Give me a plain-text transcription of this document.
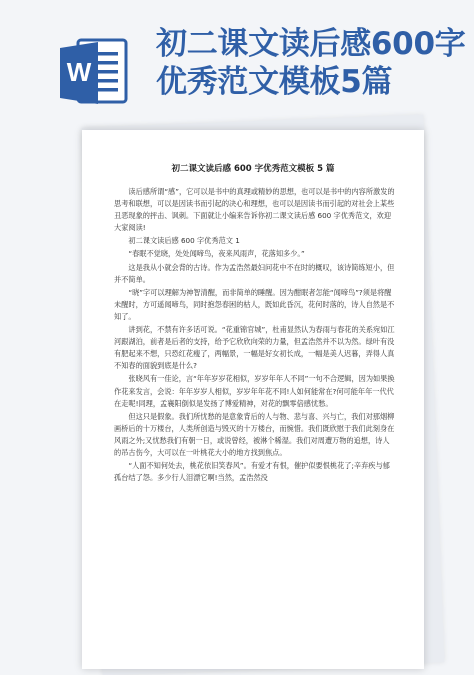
W
初二课文读后感600字优秀范文模板5篇
初二课文读后感 600 字优秀范文模板 5 篇

读后感所谓“感”，它可以是书中的真理或精妙的思想，也可以是书中的内容所激发的思考和联想，可以是因读书而引起的决心和理想，也可以是因读书而引起的对社会上某些丑恶现象的抨击、讽刺。下面就让小编来告诉你初二课文读后感 600 字优秀范文，欢迎大家阅读!

初二课文读后感 600 字优秀范文 1

“春眠不觉晓，处处闻啼鸟，夜来风雨声，花落知多少。”

这是我从小就会背的古诗。作为孟浩然最妇问花中不在时的概叹，该诗简练短小，但并不简单。

“晓”字可以理解为神智清醒，而非简单的睡醒。因为酣眠者怎能“闻啼鸟”?须是将醒未醒时，方可遥闻啼鸟，同时抱怨春困的枯人，既如此昏沉，花何时落的，诗人自然是不知了。

讲到花，不禁有许多话可说。“花重锦官城”，杜甫显然认为春雨与春花的关系宛如江河跟湖泊，前者是后者的支持，给予它欣欣向荣的力量，但孟浩然并不以为然。绿叶有没有肥起来不想，只恐红花瘦了，两幅景，一幅是好女初长成，一幅是美人迟暮，弄得人真不知春的面貌到底是什么?

张晓风有一佳论，言“年年岁岁花相似，岁岁年年人不同”一句不合逻辑，因为如果换作花来发言，会说：年年岁岁人相似，岁岁年年花不同!人如何能常在?何可能年年一代代在走呢!同理，孟襄阳倒似是发扬了博爱精神，对花的飘零倍感忧愁。

但这只是假象。我们所忧愁的是意象背后的人与物、悲与喜、兴与亡，我们对那烟柳画桥后的十万楼台，人类所创造与毁灭的十万楼台，而惋惜。我们既欣慰于我们此刻身在风雨之外;又忧愁我们有朝一日，或说曾经，被淋个稀湿。我们对周遭万物的追想，诗人的吊古伤今，大可以在一叶桃花大小的地方找到焦点。

“人面不知何处去，桃花依旧笑春风”。有爱才有恨，催护似要恨桃花了;辛弃疾与郁孤台结了怨。多少行人泪漂它啊!当然，孟浩然没
